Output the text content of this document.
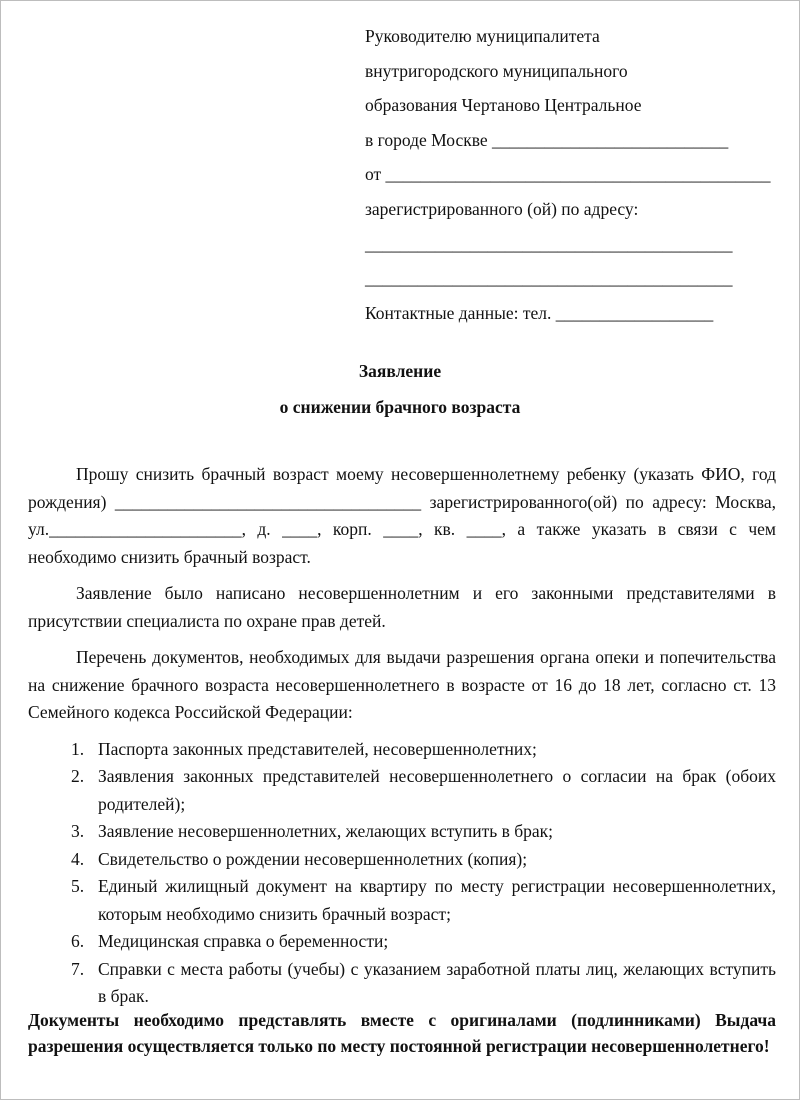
Руководителю муниципалитета
внутригородского муниципального
образования Чертаново Центральное
в городе Москве ___________________________
от ____________________________________________
зарегистрированного (ой) по адресу:
__________________________________________
__________________________________________
Контактные данные: тел. __________________
Заявление
о снижении брачного возраста

Прошу снизить брачный возраст моему несовершеннолетнему ребенку (указать ФИО, год рождения) ___________________________________ зарегистрированного(ой) по адресу: Москва, ул.______________________, д. ____, корп. ____, кв. ____, а также указать в связи с чем необходимо снизить брачный возраст.

Заявление было написано несовершеннолетним и его законными представителями в присутствии специалиста по охране прав детей.

Перечень документов, необходимых для выдачи разрешения органа опеки и попечительства на снижение брачного возраста несовершеннолетнего в возрасте от 16 до 18 лет, согласно ст. 13 Семейного кодекса Российской Федерации:

1. Паспорта законных представителей, несовершеннолетних;
2. Заявления законных представителей несовершеннолетнего о согласии на брак (обоих родителей);
3. Заявление несовершеннолетних, желающих вступить в брак;
4. Свидетельство о рождении несовершеннолетних (копия);
5. Единый жилищный документ на квартиру по месту регистрации несовершеннолетних, которым необходимо снизить брачный возраст;
6. Медицинская справка о беременности;
7. Справки с места работы (учебы) с указанием заработной платы лиц, желающих вступить в брак.
Документы необходимо представлять вместе с оригиналами (подлинниками) Выдача разрешения осуществляется только по месту постоянной регистрации несовершеннолетнего!
